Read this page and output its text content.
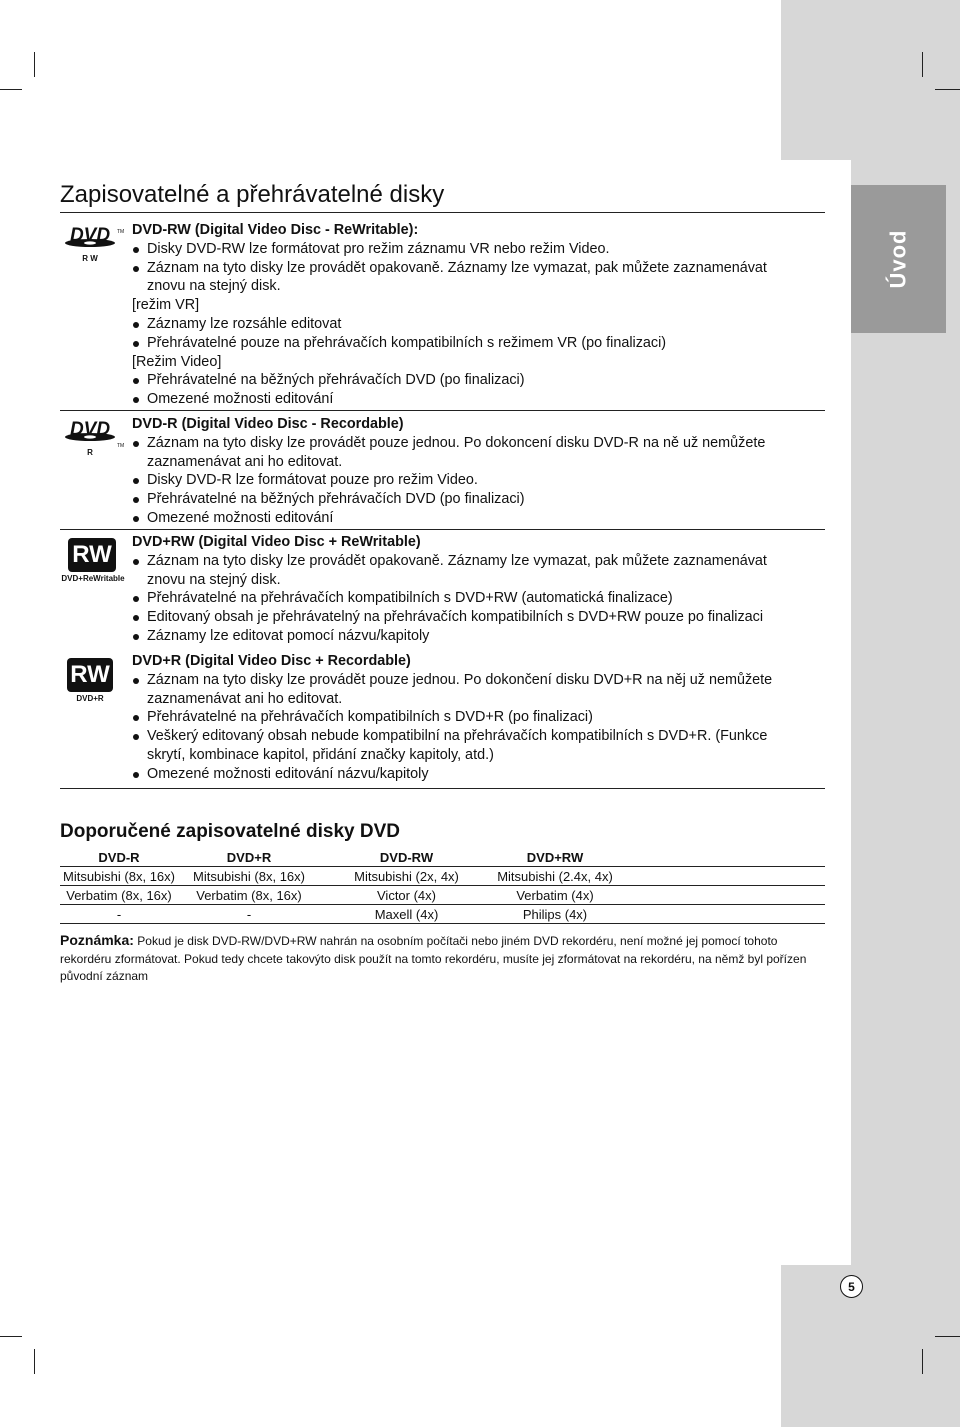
Úvod
Zapisovatelné a přehrávatelné disky
DVD TM
R W
DVD
TM
R
RW
DVD+ReWritable
RW
DVD+R
DVD-RW (Digital Video Disc - ReWritable):
Disky DVD-RW lze formátovat pro režim záznamu VR nebo režim Video.
Záznam na tyto disky lze provádět opakovaně. Záznamy lze vymazat, pak můžete zaznamenávat
znovu na stejný disk.
[režim VR]
Záznamy lze rozsáhle editovat
Přehrávatelné pouze na přehrávačích kompatibilních s režimem VR (po finalizaci)
[Režim Video]
Přehrávatelné na běžných přehrávačích DVD (po finalizaci)
Omezené možnosti editování
DVD-R (Digital Video Disc - Recordable)
Záznam na tyto disky lze provádět pouze jednou. Po dokoncení disku DVD-R na ně už nemůžete
zaznamenávat ani ho editovat.
Disky DVD-R lze formátovat pouze pro režim Video.
Přehrávatelné na běžných přehrávačích DVD (po finalizaci)
Omezené možnosti editování
DVD+RW (Digital Video Disc + ReWritable)
Záznam na tyto disky lze provádět opakovaně. Záznamy lze vymazat, pak můžete zaznamenávat
znovu na stejný disk.
Přehrávatelné na přehrávačích kompatibilních s DVD+RW (automatická finalizace)
Editovaný obsah je přehrávatelný na přehrávačích kompatibilních s DVD+RW pouze po finalizaci
Záznamy lze editovat pomocí názvu/kapitoly
DVD+R (Digital Video Disc + Recordable)
Záznam na tyto disky lze provádět pouze jednou. Po dokončení disku DVD+R na něj už nemůžete
zaznamenávat ani ho editovat.
Přehrávatelné na přehrávačích kompatibilních s DVD+R (po finalizaci)
Veškerý editovaný obsah nebude kompatibilní na přehrávačích kompatibilních s DVD+R. (Funkce
skrytí, kombinace kapitol, přidání značky kapitoly, atd.)
Omezené možnosti editování názvu/kapitoly
Doporučené zapisovatelné disky DVD
DVD-R	DVD+R	DVD-RW	DVD+RW	
Mitsubishi (8x, 16x)	Mitsubishi (8x, 16x)	Mitsubishi (2x, 4x)	Mitsubishi (2.4x, 4x)	
Verbatim (8x, 16x)	Verbatim (8x, 16x)	Victor (4x)	Verbatim (4x)	
-	-	Maxell (4x)	Philips (4x)	
Poznámka: Pokud je disk DVD-RW/DVD+RW nahrán na osobním počítači nebo jiném DVD rekordéru, není možné jej pomocí tohoto rekordéru zformátovat. Pokud tedy chcete takovýto disk použít na tomto rekordéru, musíte jej zformátovat na rekordéru, na němž byl pořízen původní záznam
5
